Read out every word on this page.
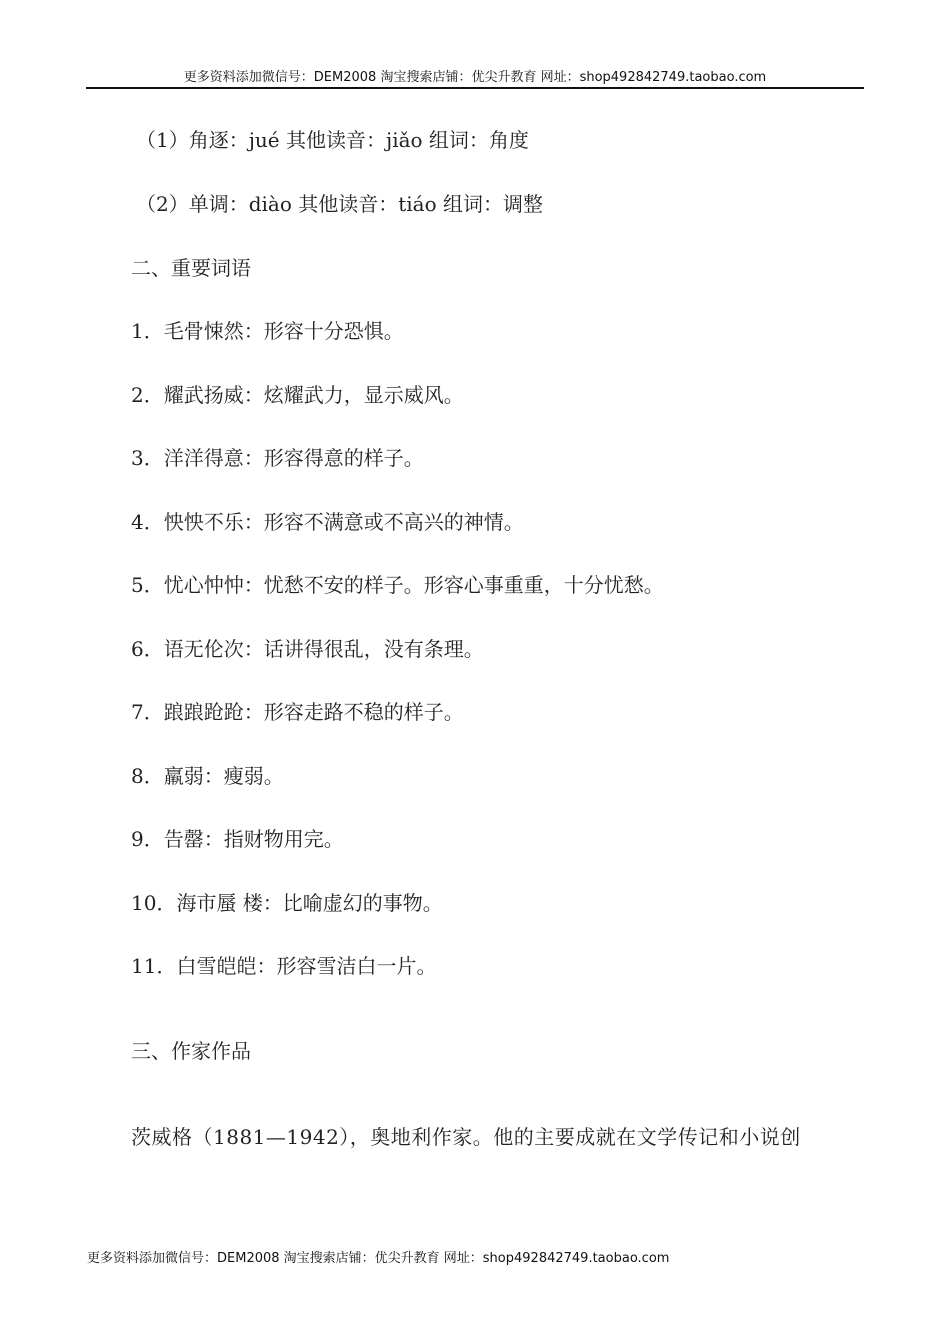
更多资料添加微信号：DEM2008 淘宝搜索店铺：优尖升教育 网址：shop492842749.taobao.com
（1）角逐：jué 其他读音：jiǎo 组词：角度
（2）单调：diào 其他读音：tiáo 组词：调整
二、重要词语
1．毛骨悚然：形容十分恐惧。
2．耀武扬威：炫耀武力，显示威风。
3．洋洋得意：形容得意的样子。
4．怏怏不乐：形容不满意或不高兴的神情。
5．忧心忡忡：忧愁不安的样子。形容心事重重，十分忧愁。
6．语无伦次：话讲得很乱，没有条理。
7．踉踉跄跄：形容走路不稳的样子。
8．羸弱：瘦弱。
9．告罄：指财物用完。
10．海市蜃 楼：比喻虚幻的事物。
11．白雪皑皑：形容雪洁白一片。
三、作家作品
茨威格（1881—1942），奥地利作家。他的主要成就在文学传记和小说创
更多资料添加微信号：DEM2008 淘宝搜索店铺：优尖升教育 网址：shop492842749.taobao.com
